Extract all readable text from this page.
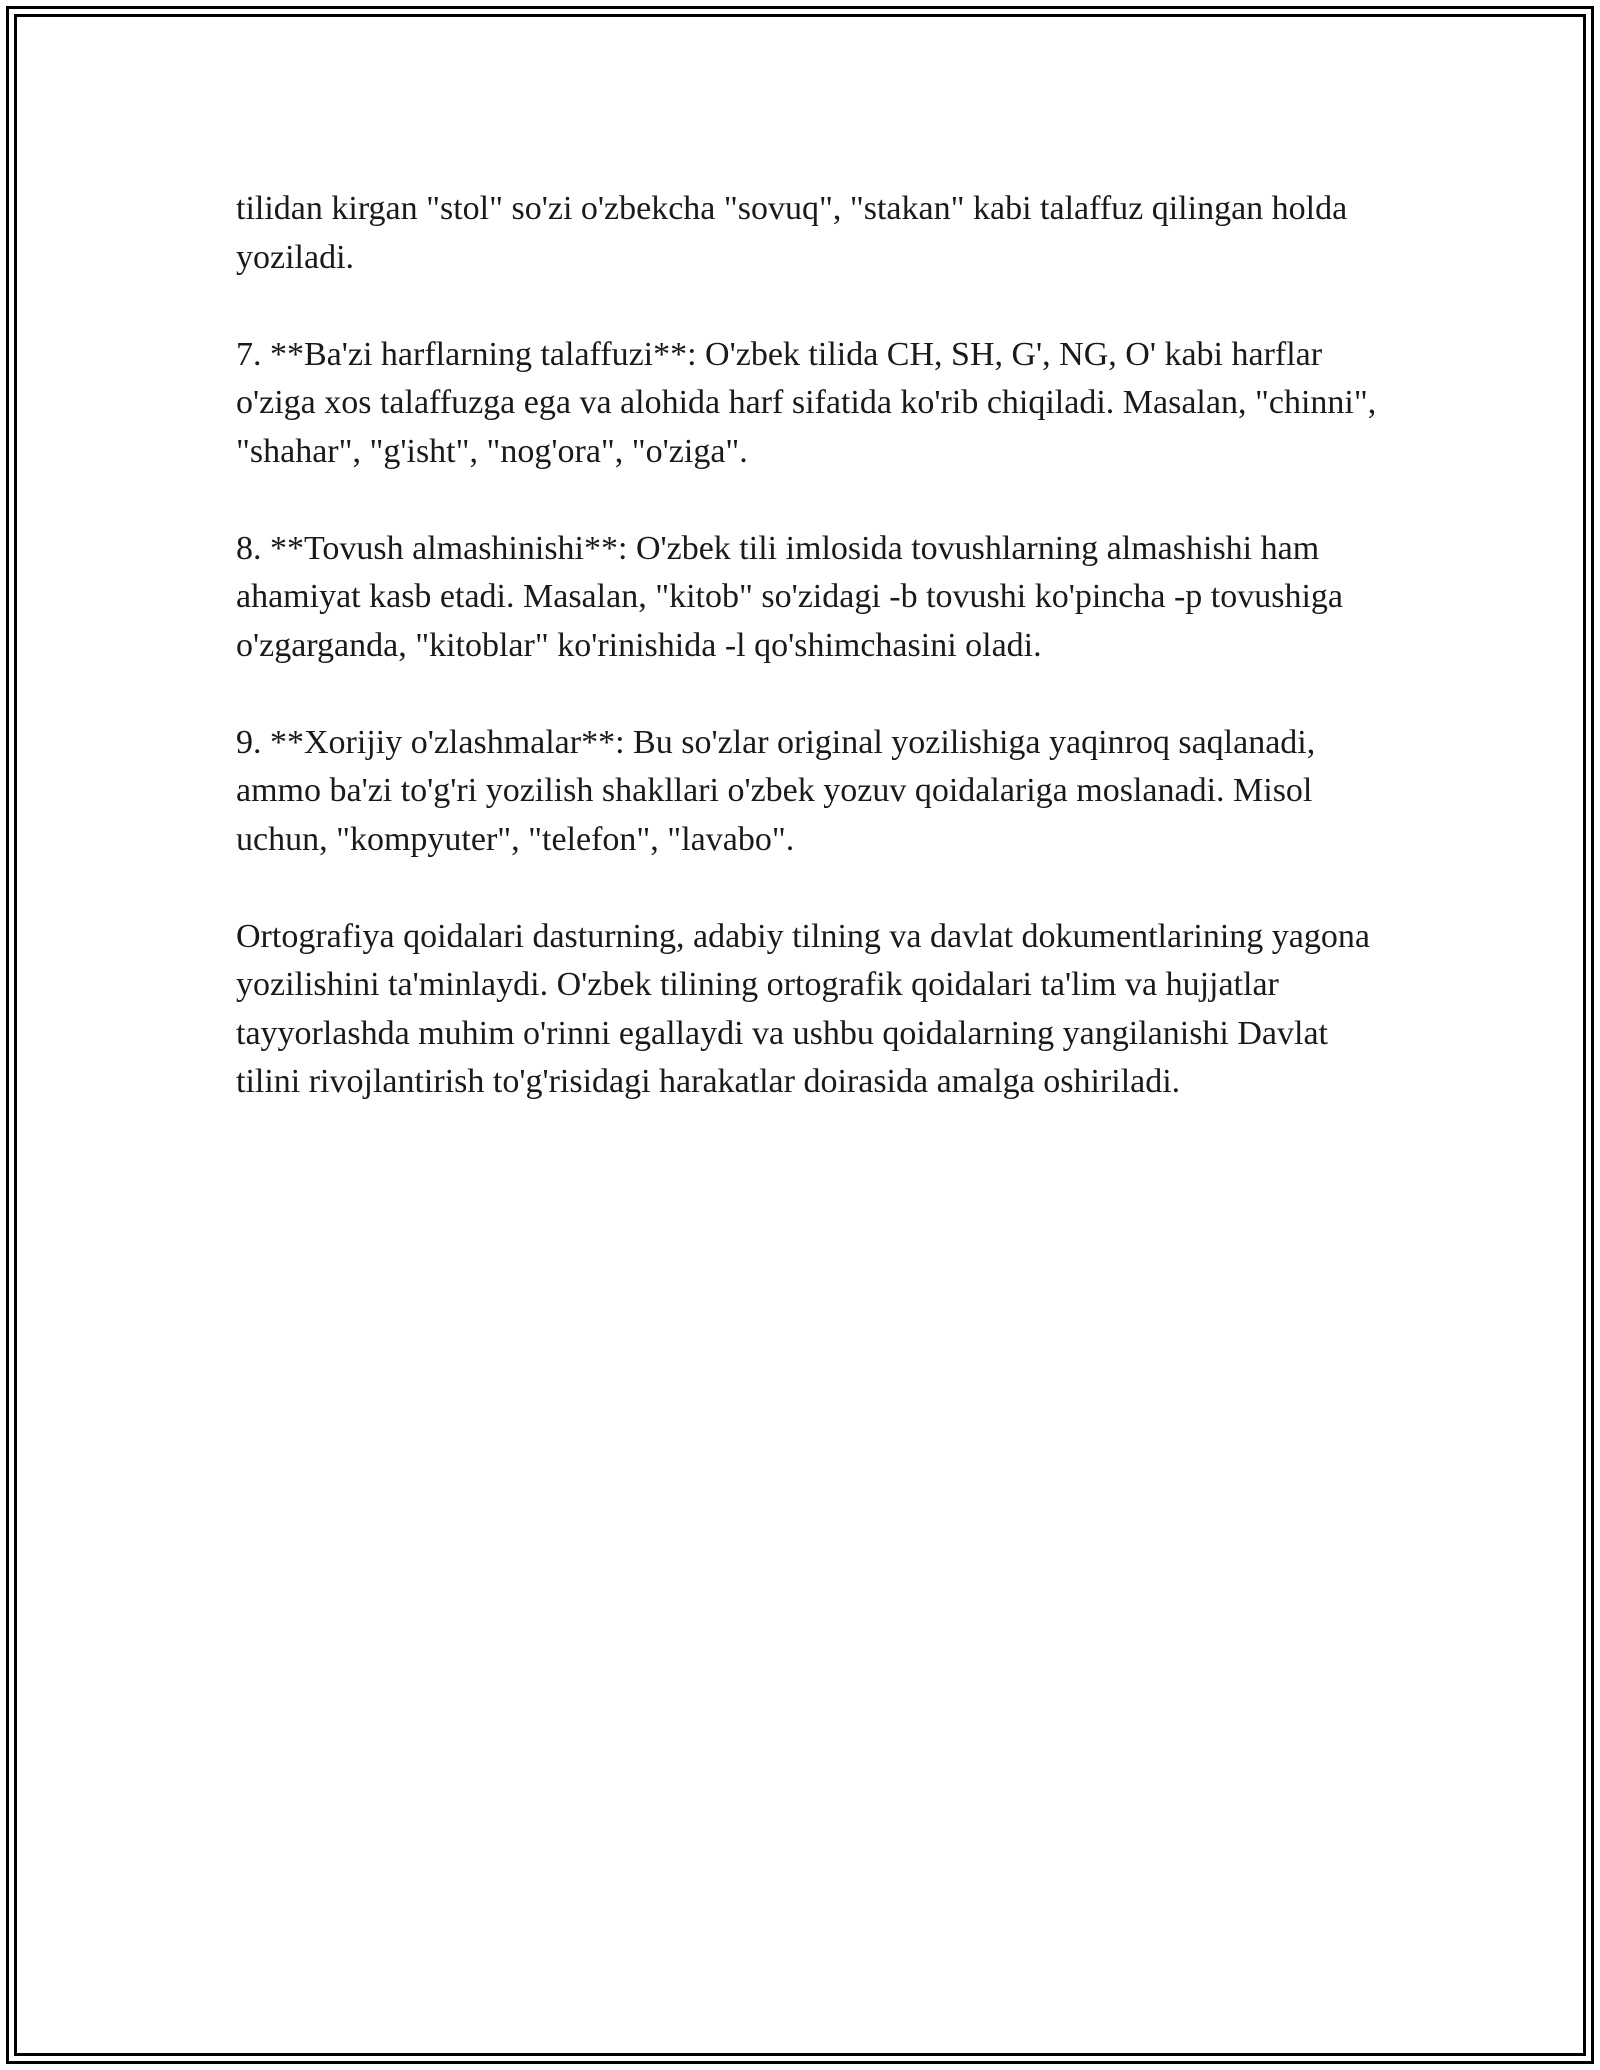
tilidan kirgan "stol" so'zi o'zbekcha "sovuq", "stakan" kabi talaffuz qilingan holda yoziladi.

7. **Ba'zi harflarning talaffuzi**: O'zbek tilida CH, SH, G', NG, O' kabi harflar o'ziga xos talaffuzga ega va alohida harf sifatida ko'rib chiqiladi. Masalan, "chinni", "shahar", "g'isht", "nog'ora", "o'ziga".

8. **Tovush almashinishi**: O'zbek tili imlosida tovushlarning almashishi ham ahamiyat kasb etadi. Masalan, "kitob" so'zidagi -b tovushi ko'pincha -p tovushiga o'zgarganda, "kitoblar" ko'rinishida -l qo'shimchasini oladi.

9. **Xorijiy o'zlashmalar**: Bu so'zlar original yozilishiga yaqinroq saqlanadi, ammo ba'zi to'g'ri yozilish shakllari o'zbek yozuv qoidalariga moslanadi. Misol uchun, "kompyuter", "telefon", "lavabo".

Ortografiya qoidalari dasturning, adabiy tilning va davlat dokumentlarining yagona yozilishini ta'minlaydi. O'zbek tilining ortografik qoidalari ta'lim va hujjatlar tayyorlashda muhim o'rinni egallaydi va ushbu qoidalarning yangilanishi Davlat tilini rivojlantirish to'g'risidagi harakatlar doirasida amalga oshiriladi.
